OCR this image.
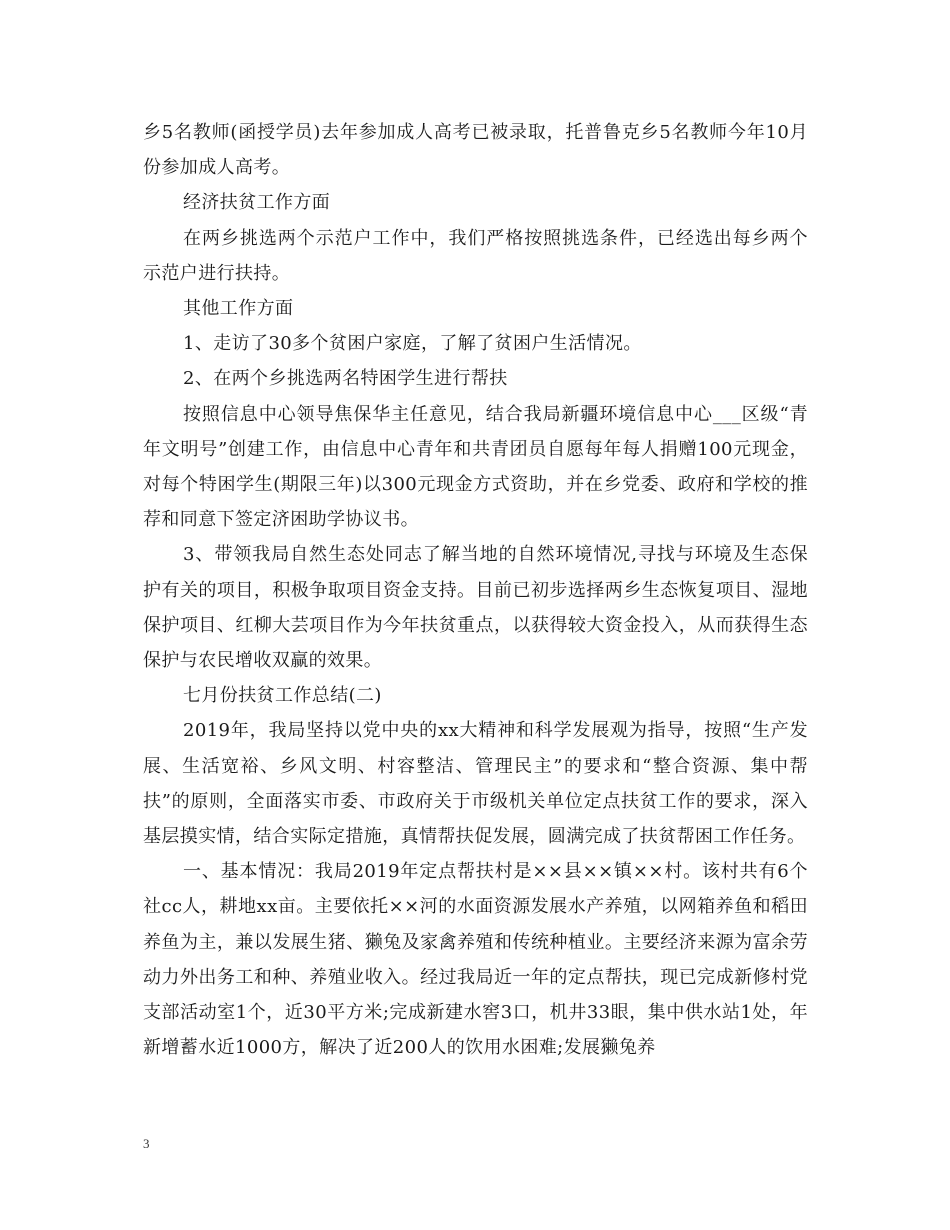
乡5名教师(函授学员)去年参加成人高考已被录取，托普鲁克乡5名教师今年10月份参加成人高考。

经济扶贫工作方面

在两乡挑选两个示范户工作中，我们严格按照挑选条件，已经选出每乡两个示范户进行扶持。

其他工作方面

1、走访了30多个贫困户家庭，了解了贫困户生活情况。

2、在两个乡挑选两名特困学生进行帮扶

按照信息中心领导焦保华主任意见，结合我局新疆环境信息中心___区级“青年文明号”创建工作，由信息中心青年和共青团员自愿每年每人捐赠100元现金，对每个特困学生(期限三年)以300元现金方式资助，并在乡党委、政府和学校的推荐和同意下签定济困助学协议书。

3、带领我局自然生态处同志了解当地的自然环境情况,寻找与环境及生态保护有关的项目，积极争取项目资金支持。目前已初步选择两乡生态恢复项目、湿地保护项目、红柳大芸项目作为今年扶贫重点，以获得较大资金投入，从而获得生态保护与农民增收双赢的效果。

七月份扶贫工作总结(二)

2019年，我局坚持以党中央的xx大精神和科学发展观为指导，按照“生产发展、生活宽裕、乡风文明、村容整洁、管理民主”的要求和“整合资源、集中帮扶”的原则，全面落实市委、市政府关于市级机关单位定点扶贫工作的要求，深入基层摸实情，结合实际定措施，真情帮扶促发展，圆满完成了扶贫帮困工作任务。

一、基本情况：我局2019年定点帮扶村是××县××镇××村。该村共有6个社cc人，耕地xx亩。主要依托××河的水面资源发展水产养殖，以网箱养鱼和稻田养鱼为主，兼以发展生猪、獭兔及家禽养殖和传统种植业。主要经济来源为富余劳动力外出务工和种、养殖业收入。经过我局近一年的定点帮扶，现已完成新修村党支部活动室1个，近30平方米;完成新建水窖3口，机井33眼，集中供水站1处，年新增蓄水近1000方，解决了近200人的饮用水困难;发展獭兔养

3
